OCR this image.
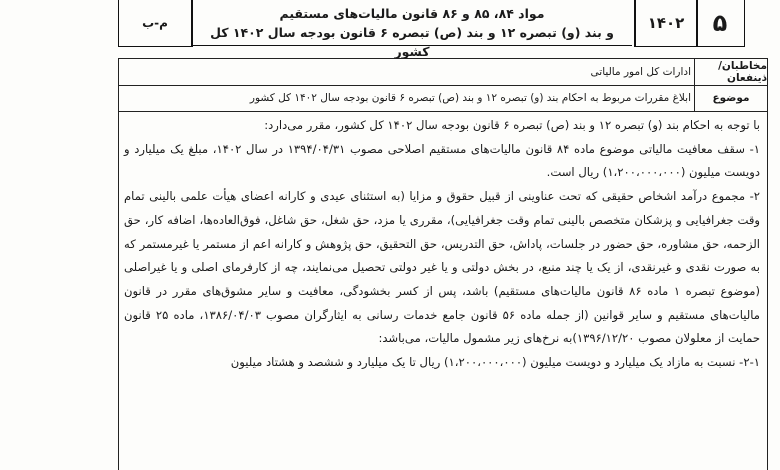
م-ب
مواد ۸۴، ۸۵ و ۸۶ قانون مالیات‌های مستقیم
و بند (و) تبصره ۱۲ و بند (ص) تبصره ۶ قانون بودجه سال ۱۴۰۲ کل کشور
۱۴۰۲	۵
مخاطبان/ذینفعان
ادارات کل امور مالیاتی
موضوع
ابلاغ مقررات مربوط به احکام بند (و) تبصره ۱۲ و بند (ص) تبصره ۶ قانون بودجه سال ۱۴۰۲ کل کشور

با توجه به احکام بند (و) تبصره ۱۲ و بند (ص) تبصره ۶ قانون بودجه سال ۱۴۰۲ کل کشور، مقرر می‌دارد:

۱- سقف معافیت مالیاتی موضوع ماده ۸۴ قانون مالیات‌های مستقیم اصلاحی مصوب ۱۳۹۴/۰۴/۳۱ در سال ۱۴۰۲، مبلغ یک میلیارد و دویست میلیون (۱،۲۰۰،۰۰۰،۰۰۰) ریال است.

۲- مجموع درآمد اشخاص حقیقی که تحت عناوینی از قبیل حقوق و مزایا (به استثنای عیدی و کارانه اعضای هیأت علمی بالینی تمام وقت جغرافیایی و پزشکان متخصص بالینی تمام وقت جغرافیایی)، مقرری یا مزد، حق شغل، حق شاغل، فوق‌العاده‌ها، اضافه کار، حق الزحمه، حق مشاوره، حق حضور در جلسات، پاداش، حق التدریس، حق التحقیق، حق پژوهش و کارانه اعم از مستمر یا غیرمستمر که به صورت نقدی و غیرنقدی، از یک یا چند منبع، در بخش دولتی و یا غیر دولتی تحصیل می‌نمایند، چه از کارفرمای اصلی و یا غیراصلی (موضوع تبصره ۱ ماده ۸۶ قانون مالیات‌های مستقیم) باشد، پس از کسر بخشودگی، معافیت و سایر مشوق‌های مقرر در قانون مالیات‌های مستقیم و سایر قوانین (از جمله ماده ۵۶ قانون جامع خدمات رسانی به ایثارگران مصوب ۱۳۸۶/۰۴/۰۳، ماده ۲۵ قانون حمایت از معلولان مصوب ۱۳۹۶/۱۲/۲۰)به نرخ‌های زیر مشمول مالیات، می‌باشد:

۲-۱- نسبت به مازاد یک میلیارد و دویست میلیون (۱،۲۰۰،۰۰۰،۰۰۰) ریال تا یک میلیارد و ششصد و هشتاد میلیون
